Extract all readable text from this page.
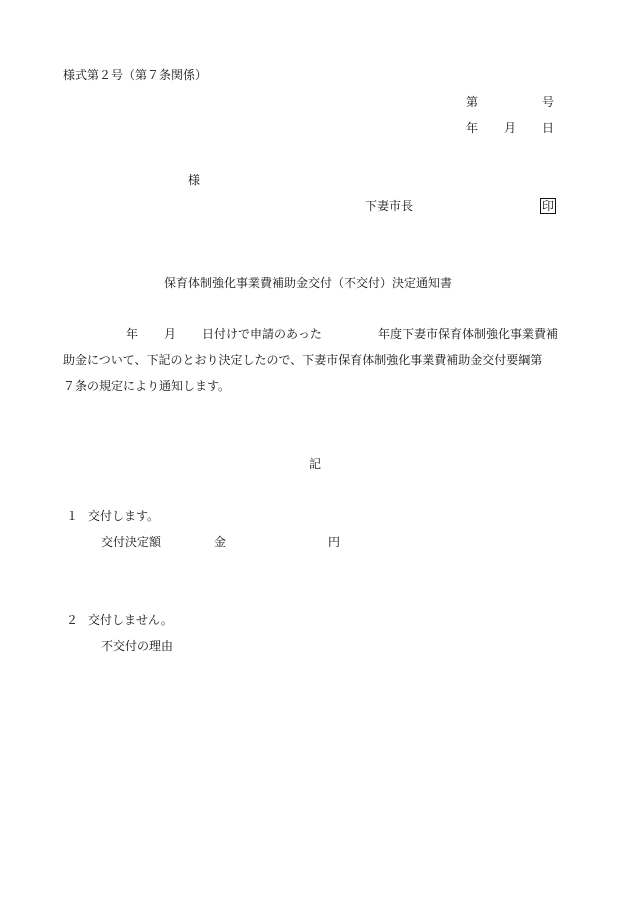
様式第２号（第７条関係）
第	号
年 月 日
様
下妻市長	印
保育体制強化事業費補助金交付（不交付）決定通知書
年 月 日付けで申請のあった	年度下妻市保育体制強化事業費補
助金について、下記のとおり決定したので、下妻市保育体制強化事業費補助金交付要綱第
７条の規定により通知します。
記
１ 交付します。
交付決定額	金	円
２ 交付しません。
不交付の理由
